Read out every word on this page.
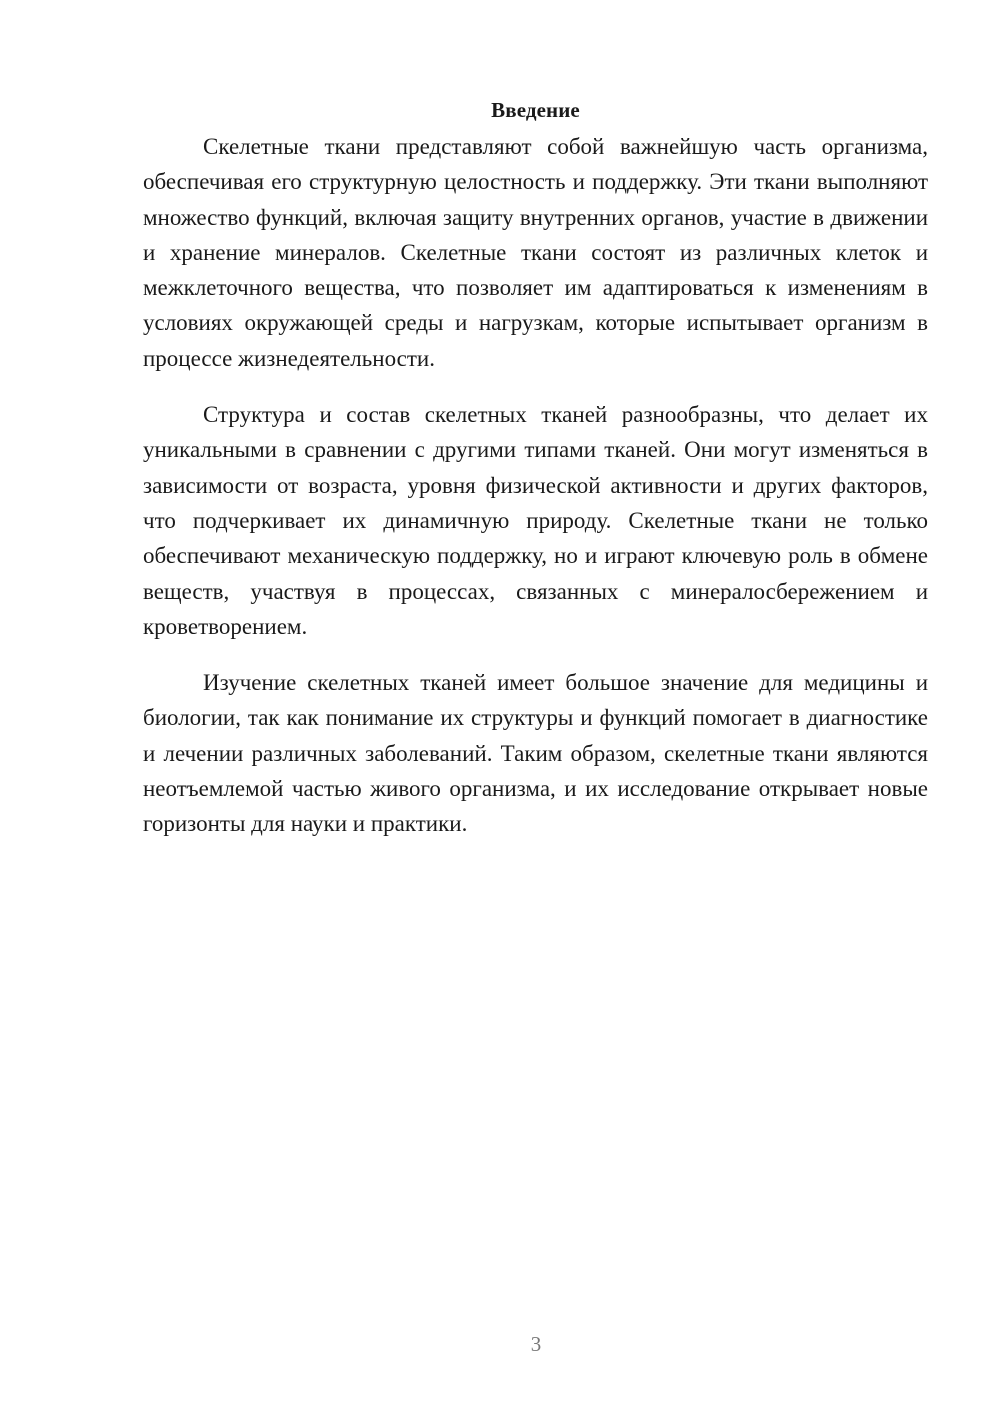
Введение

Скелетные ткани представляют собой важнейшую часть организма, обеспечивая его структурную целостность и поддержку. Эти ткани выполняют множество функций, включая защиту внутренних органов, участие в движении и хранение минералов. Скелетные ткани состоят из различных клеток и межклеточного вещества, что позволяет им адаптироваться к изменениям в условиях окружающей среды и нагрузкам, которые испытывает организм в процессе жизнедеятельности.

Структура и состав скелетных тканей разнообразны, что делает их уникальными в сравнении с другими типами тканей. Они могут изменяться в зависимости от возраста, уровня физической активности и других факторов, что подчеркивает их динамичную природу. Скелетные ткани не только обеспечивают механическую поддержку, но и играют ключевую роль в обмене веществ, участвуя в процессах, связанных с минералосбережением и кроветворением.

Изучение скелетных тканей имеет большое значение для медицины и биологии, так как понимание их структуры и функций помогает в диагностике и лечении различных заболеваний. Таким образом, скелетные ткани являются неотъемлемой частью живого организма, и их исследование открывает новые горизонты для науки и практики.

3
